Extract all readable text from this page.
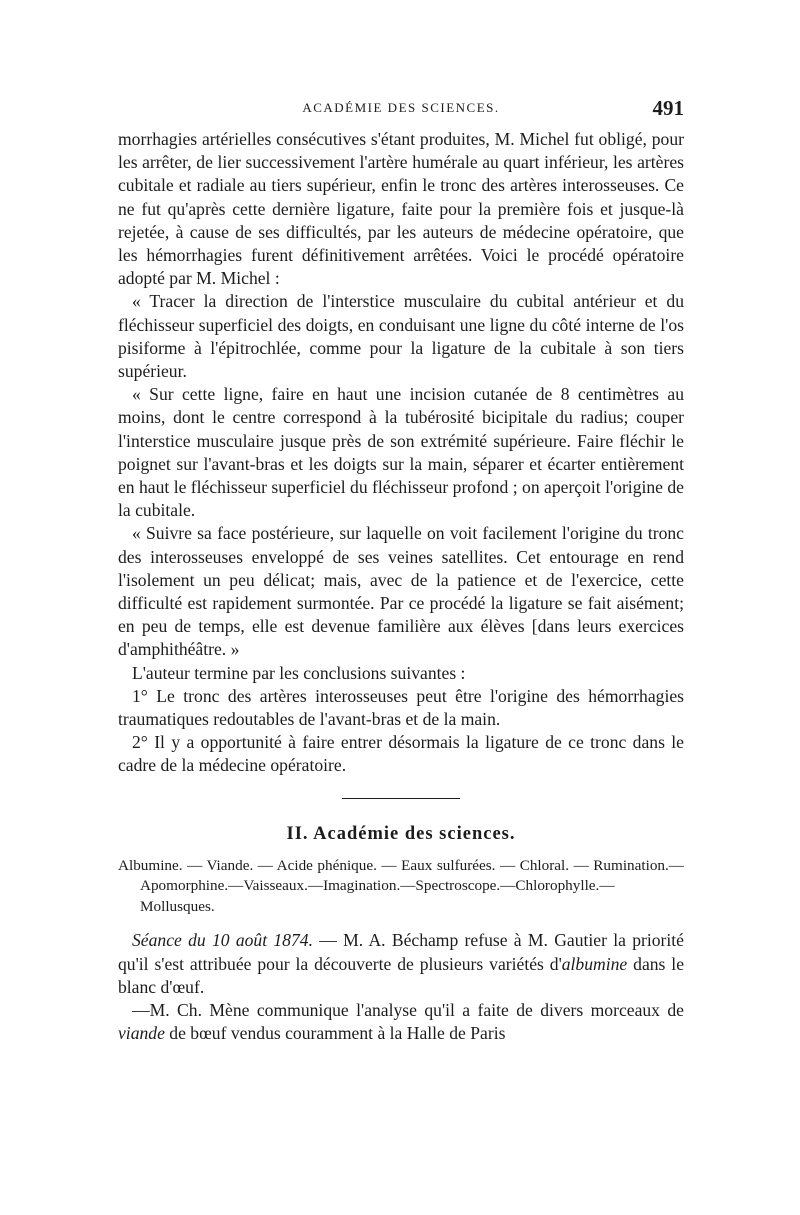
ACADÉMIE DES SCIENCES.	491

morrhagies artérielles consécutives s'étant produites, M. Michel fut obligé, pour les arrêter, de lier successivement l'artère humérale au quart inférieur, les artères cubitale et radiale au tiers supérieur, enfin le tronc des artères interosseuses. Ce ne fut qu'après cette dernière ligature, faite pour la première fois et jusque-là rejetée, à cause de ses difficultés, par les auteurs de médecine opératoire, que les hémorrhagies furent définitivement arrêtées. Voici le procédé opératoire adopté par M. Michel :

« Tracer la direction de l'interstice musculaire du cubital antérieur et du fléchisseur superficiel des doigts, en conduisant une ligne du côté interne de l'os pisiforme à l'épitrochlée, comme pour la ligature de la cubitale à son tiers supérieur.

« Sur cette ligne, faire en haut une incision cutanée de 8 centimètres au moins, dont le centre correspond à la tubérosité bicipitale du radius; couper l'interstice musculaire jusque près de son extrémité supérieure. Faire fléchir le poignet sur l'avant-bras et les doigts sur la main, séparer et écarter entièrement en haut le fléchisseur superficiel du fléchisseur profond ; on aperçoit l'origine de la cubitale.

« Suivre sa face postérieure, sur laquelle on voit facilement l'origine du tronc des interosseuses enveloppé de ses veines satellites. Cet entourage en rend l'isolement un peu délicat; mais, avec de la patience et de l'exercice, cette difficulté est rapidement surmontée. Par ce procédé la ligature se fait aisément; en peu de temps, elle est devenue familière aux élèves [dans leurs exercices d'amphithéâtre. »

L'auteur termine par les conclusions suivantes :

1° Le tronc des artères interosseuses peut être l'origine des hémorrhagies traumatiques redoutables de l'avant-bras et de la main.

2° Il y a opportunité à faire entrer désormais la ligature de ce tronc dans le cadre de la médecine opératoire.

II. Académie des sciences.

Albumine. — Viande. — Acide phénique. — Eaux sulfurées. — Chloral. — Rumination.—Apomorphine.—Vaisseaux.—Imagination.—Spectroscope.—Chlorophylle.—Mollusques.

Séance du 10 août 1874. — M. A. Béchamp refuse à M. Gautier la priorité qu'il s'est attribuée pour la découverte de plusieurs variétés d'albumine dans le blanc d'œuf.

—M. Ch. Mène communique l'analyse qu'il a faite de divers morceaux de viande de bœuf vendus couramment à la Halle de Paris
